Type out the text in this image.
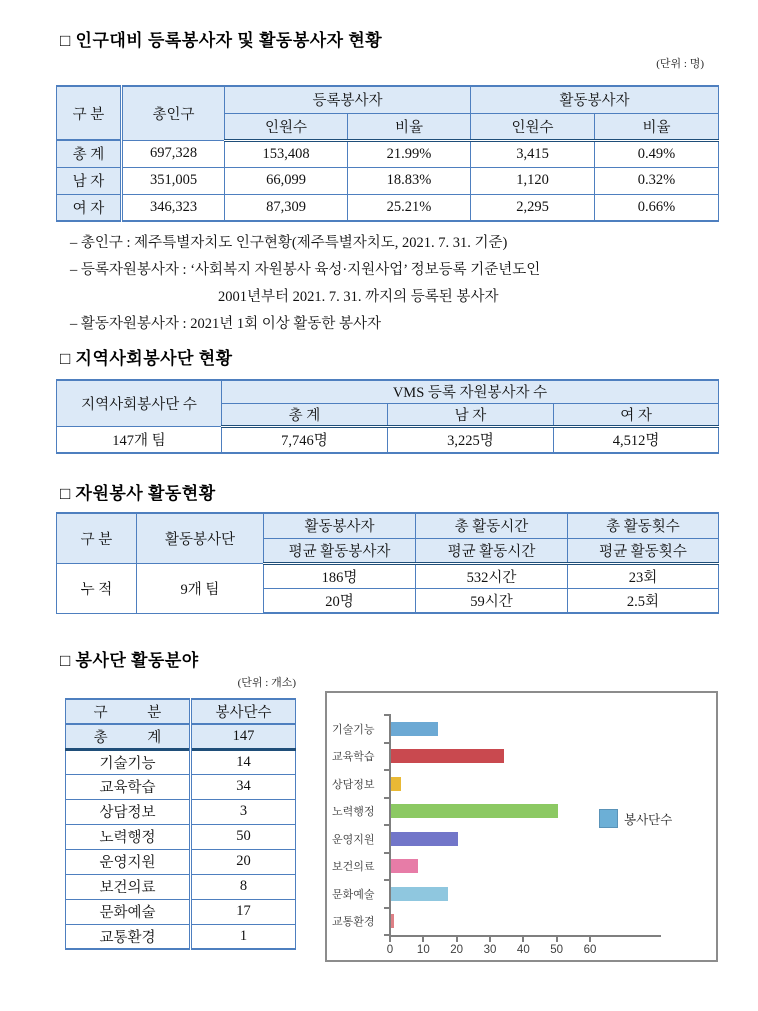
□ 인구대비 등록봉사자 및 활동봉사자 현황
(단위 : 명)
구 분	총인구	등록봉사자		활동봉사자	
		인원수	비율	인원수	비율
총 계	697,328	153,408	21.99%	3,415	0.49%
남 자	351,005	66,099	18.83%	1,120	0.32%
여 자	346,323	87,309	25.21%	2,295	0.66%
– 총인구 : 제주특별자치도 인구현황(제주특별자치도, 2021. 7. 31. 기준)
– 등록자원봉사자 : ‘사회복지 자원봉사 육성·지원사업’ 정보등록 기준년도인
2001년부터 2021. 7. 31. 까지의 등록된 봉사자
– 활동자원봉사자 : 2021년 1회 이상 활동한 봉사자
□ 지역사회봉사단 현황
지역사회봉사단 수	VMS 등록 자원봉사자 수		
	총 계	남 자	여 자
147개 팀	7,746명	3,225명	4,512명
□ 자원봉사 활동현황
구 분	활동봉사단	활동봉사자	총 활동시간	총 활동횟수
		평균 활동봉사자	평균 활동시간	평균 활동횟수
누 적	9개 팀	186명	532시간	23회
		20명	59시간	2.5회
□ 봉사단 활동분야
(단위 : 개소)
구 분	봉사단수
총 계	147
기술기능	14
교육학습	34
상담정보	3
노력행정	50
운영지원	20
보건의료	8
문화예술	17
교통환경	1
기술기능
교육학습
상담정보
노력행정
운영지원
보건의료
문화예술
교통환경
0	10	20	30	40	50	60
봉사단수
